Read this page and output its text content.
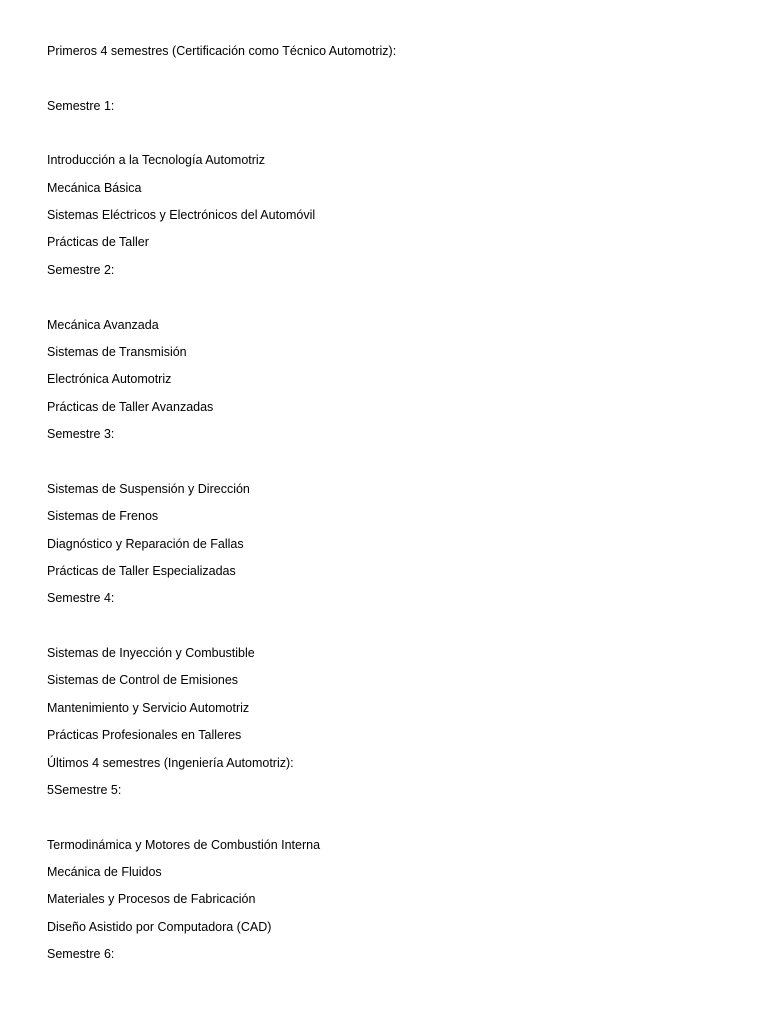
Primeros 4 semestres (Certificación como Técnico Automotriz):
Semestre 1:
Introducción a la Tecnología Automotriz
Mecánica Básica
Sistemas Eléctricos y Electrónicos del Automóvil
Prácticas de Taller
Semestre 2:
Mecánica Avanzada
Sistemas de Transmisión
Electrónica Automotriz
Prácticas de Taller Avanzadas
Semestre 3:
Sistemas de Suspensión y Dirección
Sistemas de Frenos
Diagnóstico y Reparación de Fallas
Prácticas de Taller Especializadas
Semestre 4:
Sistemas de Inyección y Combustible
Sistemas de Control de Emisiones
Mantenimiento y Servicio Automotriz
Prácticas Profesionales en Talleres
Últimos 4 semestres (Ingeniería Automotriz):
5Semestre 5:
Termodinámica y Motores de Combustión Interna
Mecánica de Fluidos
Materiales y Procesos de Fabricación
Diseño Asistido por Computadora (CAD)
Semestre 6:
